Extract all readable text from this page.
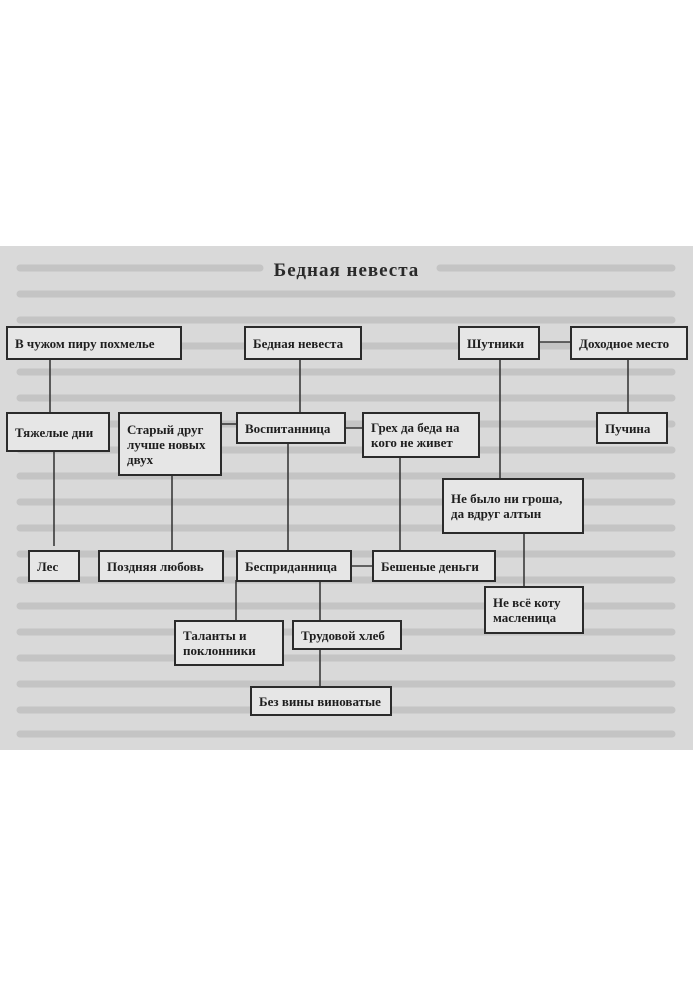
Бедная невеста
В чужом пиру похмелье	Бедная невеста	Шутники	Доходное место
Тяжелые дни	Старый друг лучше новых двух
Воспитанница	Грех да беда на кого не живет
Пучина
Не было ни гроша, да вдруг алтын
Лес	Поздняя любовь	Бесприданница	Бешеные деньги
Таланты и поклонники
Трудовой хлеб
Не всё коту масленица
Без вины виноватые
